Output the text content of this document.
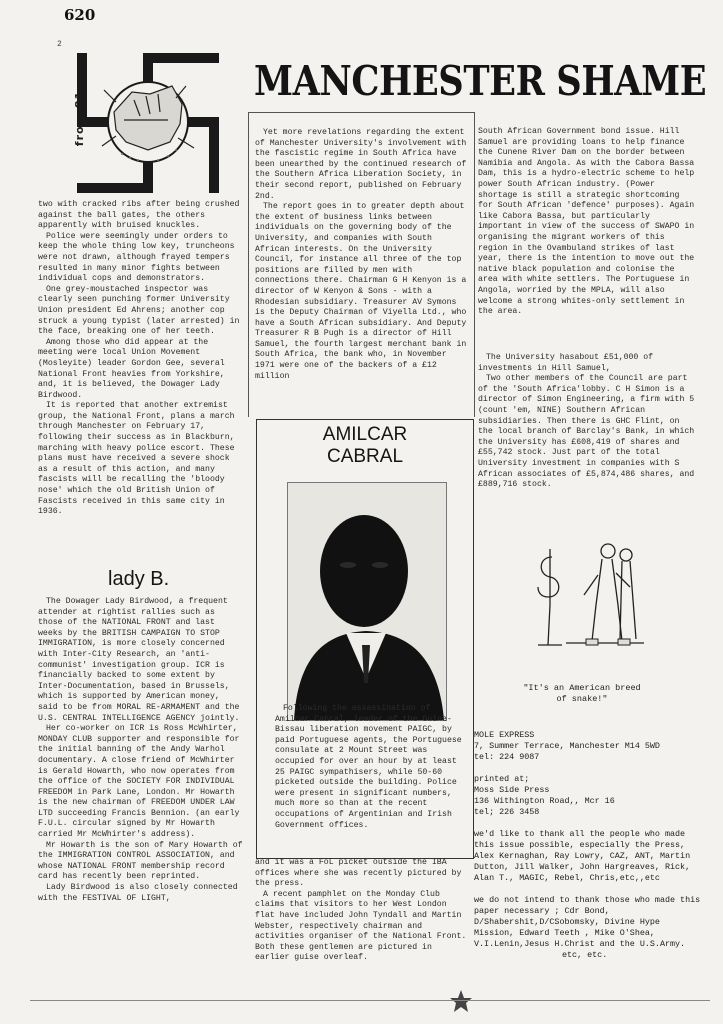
620
2
from 81
MANCHESTER SHAME

two with cracked ribs after being crushed against the ball gates, the others apparently with bruised knuckles.

Police were seemingly under orders to keep the whole thing low key, truncheons were not drawn, although frayed tempers resulted in many minor fights between individual cops and demonstrators.

One grey-moustached inspector was clearly seen punching former University Union president Ed Ahrens; another cop struck a young typist (later arrested) in the face, breaking one of her teeth.

Among those who did appear at the meeting were local Union Movement (Mosleyite) leader Gordon Gee, several National Front heavies from Yorkshire, and, it is believed, the Dowager Lady Birdwood.

It is reported that another extremist group, the National Front, plans a march through Manchester on February 17, following their success as in Blackburn, marching with heavy police escort. These plans must have received a severe shock as a result of this action, and many fascists will be recalling the 'bloody nose' which the old British Union of Fascists received in this same city in 1936.

lady B.

The Dowager Lady Birdwood, a frequent attender at rightist rallies such as those of the NATIONAL FRONT and last weeks by the BRITISH CAMPAIGN TO STOP IMMIGRATION, is more closely concerned with Inter-City Research, an 'anti-communist' investigation group. ICR is financially backed to some extent by Inter-Documentation, based in Brussels, which is supported by American money, said to be from MORAL RE-ARMAMENT and the U.S. CENTRAL INTELLIGENCE AGENCY jointly.

Her co-worker on ICR is Ross McWhirter, MONDAY CLUB supporter and responsible for the initial banning of the Andy Warhol documentary. A close friend of McWhirter is Gerald Howarth, who now operates from the office of the SOCIETY FOR INDIVIDUAL FREEDOM in Park Lane, London. Mr Howarth is the new chairman of FREEDOM UNDER LAW LTD succeeding Francis Bennion. (an early F.U.L. circular signed by Mr Howarth carried Mr McWhirter's address).

Mr Howarth is the son of Mary Howarth of the IMMIGRATION CONTROL ASSOCIATION, and whose NATIONAL FRONT membership record card has recently been reprinted.

Lady Birdwood is also closely connected with the FESTIVAL OF LIGHT,

Yet more revelations regarding the extent of Manchester University's involvement with the fascistic regime in South Africa have been unearthed by the continued research of the Southern Africa Liberation Society, in their second report, published on February 2nd.

The report goes in to greater depth about the extent of business links between individuals on the governing body of the University, and companies with South African interests. On the University Council, for instance all three of the top positions are filled by men with connections there. Chairman G H Kenyon is a director of W Kenyon & Sons - with a Rhodesian subsidiary. Treasurer AV Symons is the Deputy Chairman of Viyella Ltd., who have a South African subsidiary. And Deputy Treasurer R B Pugh is a director of Hill Samuel, the fourth largest merchant bank in South Africa, the bank who, in November 1971 were one of the backers of a £12 million

AMILCAR
CABRAL

Following the assassination of Amilcar Cabral, leader of the Guine-Bissau liberation movement PAIGC, by paid Portuguese agents, the Portuguese consulate at 2 Mount Street was occupied for over an hour by at least 25 PAIGC sympathisers, while 50-60 picketed outside the building. Police were present in significant numbers, much more so than at the recent occupations of Argentinian and Irish Government offices.

and it was a FoL picket outside the IBA offices where she was recently pictured by the press.

A recent pamphlet on the Monday Club claims that visitors to her West London flat have included John Tyndall and Martin Webster, respectively chairman and activities organiser of the National Front. Both these gentlemen are pictured in earlier guise overleaf.

South African Government bond issue. Hill Samuel are providing loans to help finance the Cunene River Dam on the border between Namibia and Angola. As with the Cabora Bassa Dam, this is a hydro-electric scheme to help power South African industry. (Power shortage is still a strategic shortcoming for South African 'defence' purposes). Again like Cabora Bassa, but particularly important in view of the success of SWAPO in organising the migrant workers of this region in the Ovambuland strikes of last year, there is the intention to move out the native black population and colonise the area with white settlers. The Portuguese in Angola, worried by the MPLA, will also welcome a strong whites-only settlement in the area.

The University hasabout £51,000 of investments in Hill Samuel,

Two other members of the Council are part of the 'South Africa'lobby. C H Simon is a director of Simon Engineering, a firm with 5 (count 'em, NINE) Southern African subsidiaries. Then there is GHC Flint, on the local branch of Barclay's Bank, in which the University has £608,419 of shares and £55,742 stock. Just part of the total University investment in companies with S African associates of £5,874,486 shares, and £889,716 stock.

"It's an American breed of snake!"
MOLE EXPRESS
7, Summer Terrace, Manchester M14 5WD
tel: 224 9087
printed at;
Moss Side Press
136 Withington Road,, Mcr 16
tel; 226 3458
we'd like to thank all the people who made this issue possible, especially the Press, Alex Kernaghan, Ray Lowry, CAZ, ANT, Martin Dutton, Jill Walker, John Hargreaves, Rick, Alan T., MAGIC, Rebel, Chris,etc,,etc
we do not intend to thank those who made this paper necessary ; Cdr Bond, D/Shabershit,D/CSobomsky, Divine Hype Mission, Edward Teeth , Mike O'Shea, V.I.Lenin,Jesus H.Christ and the U.S.Army.
etc, etc.
